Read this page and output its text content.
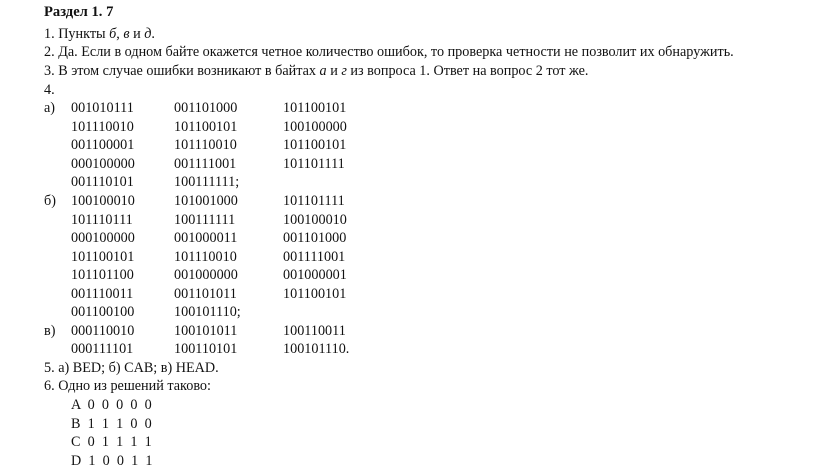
Раздел 1. 7
1. Пункты б, в и д.
2. Да. Если в одном байте окажется четное количество ошибок, то проверка четности не позволит их обнаружить.
3. В этом случае ошибки возникают в байтах а и г из вопроса 1. Ответ на вопрос 2 тот же.
4.
а) 001010111	001101000	101100101
101110010	101100101	100100000
001100001	101110010	101100101
000100000	001111001	101101111
001110101	100111111;
б) 100100010	101001000	101101111
101110111	100111111	100100010
000100000	001000011	001101000
101100101	101110010	001111001
101101100	001000000	001000001
001110011	001101011	101100101
001100100	100101110;
в) 000110010	100101011	100110011
000111101	100110101	100101110.
5. а) BED; б) CAB; в) HEAD.
6. Одно из решений таково:
A 0 0 0 0 0
B 1 1 1 0 0
C 0 1 1 1 1
D 1 0 0 1 1
